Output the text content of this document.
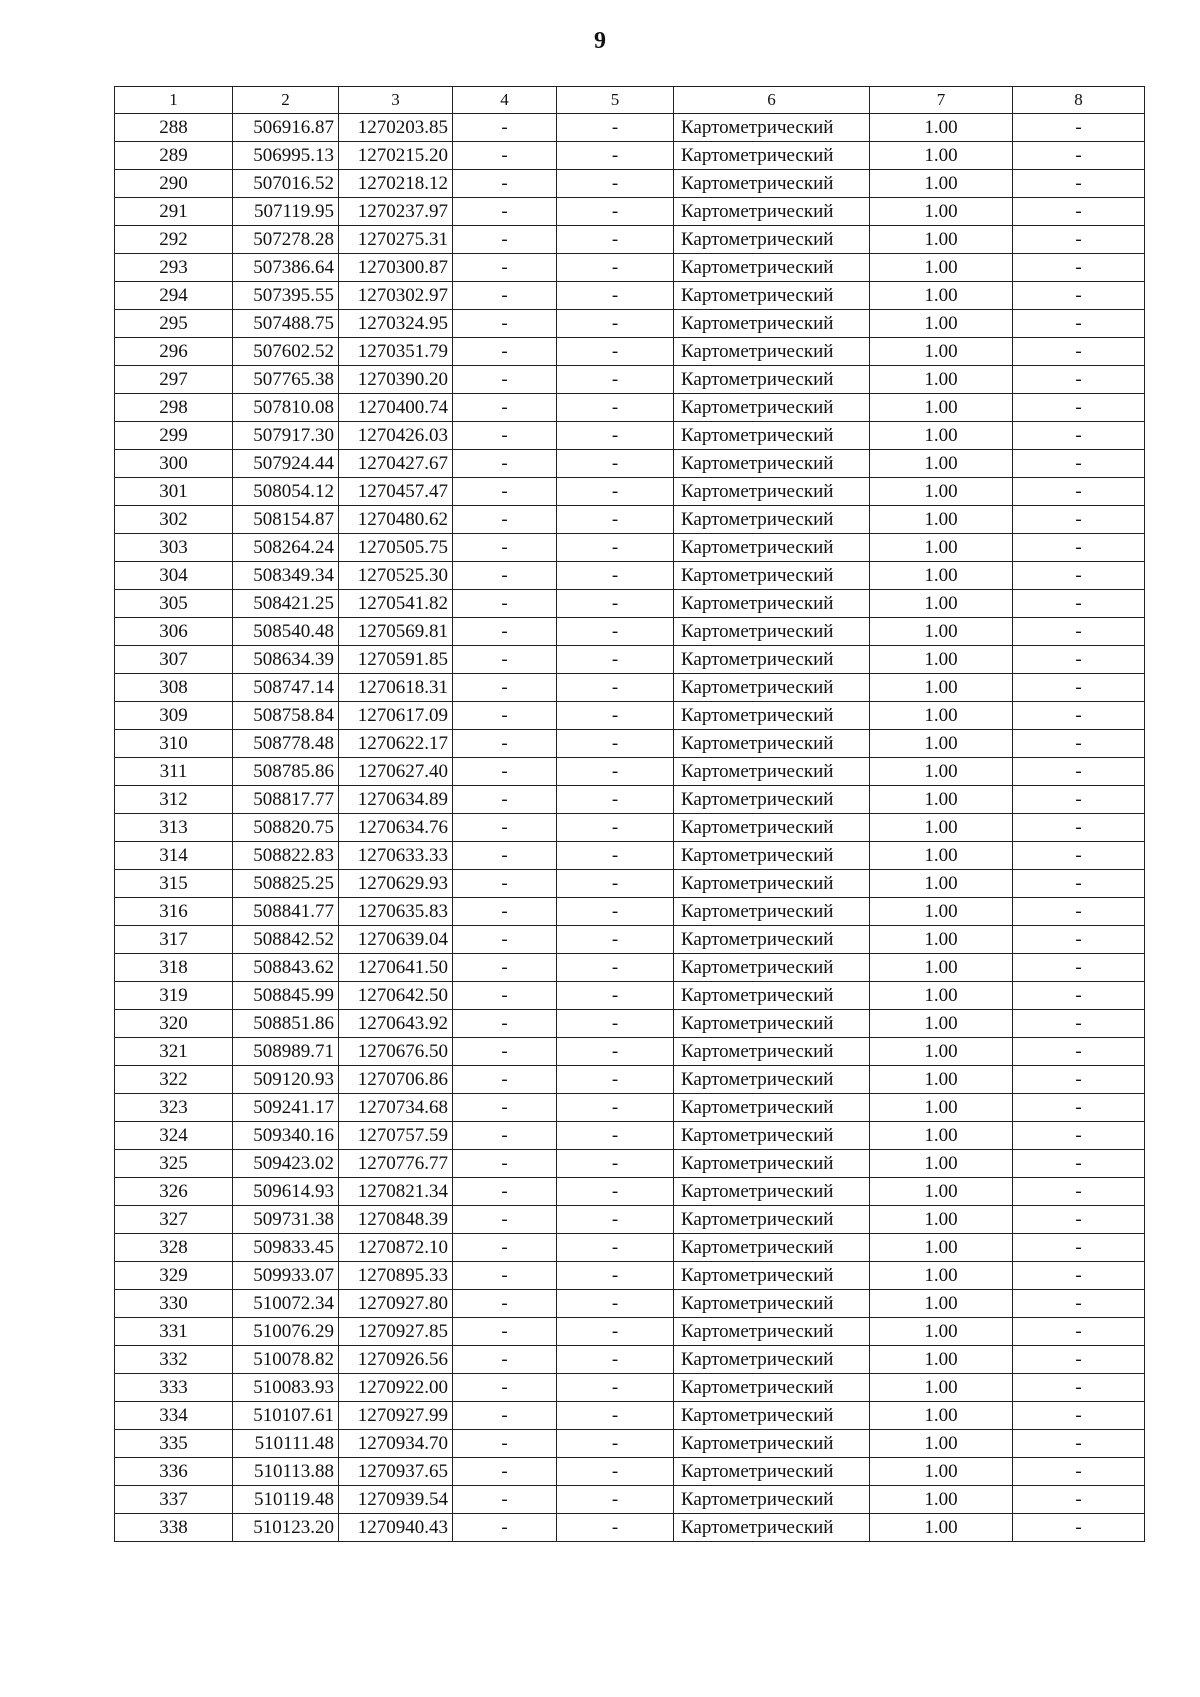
9
1	2	3	4	5	6	7	8
288	506916.87	1270203.85	-	-	Картометрический	1.00	-
289	506995.13	1270215.20	-	-	Картометрический	1.00	-
290	507016.52	1270218.12	-	-	Картометрический	1.00	-
291	507119.95	1270237.97	-	-	Картометрический	1.00	-
292	507278.28	1270275.31	-	-	Картометрический	1.00	-
293	507386.64	1270300.87	-	-	Картометрический	1.00	-
294	507395.55	1270302.97	-	-	Картометрический	1.00	-
295	507488.75	1270324.95	-	-	Картометрический	1.00	-
296	507602.52	1270351.79	-	-	Картометрический	1.00	-
297	507765.38	1270390.20	-	-	Картометрический	1.00	-
298	507810.08	1270400.74	-	-	Картометрический	1.00	-
299	507917.30	1270426.03	-	-	Картометрический	1.00	-
300	507924.44	1270427.67	-	-	Картометрический	1.00	-
301	508054.12	1270457.47	-	-	Картометрический	1.00	-
302	508154.87	1270480.62	-	-	Картометрический	1.00	-
303	508264.24	1270505.75	-	-	Картометрический	1.00	-
304	508349.34	1270525.30	-	-	Картометрический	1.00	-
305	508421.25	1270541.82	-	-	Картометрический	1.00	-
306	508540.48	1270569.81	-	-	Картометрический	1.00	-
307	508634.39	1270591.85	-	-	Картометрический	1.00	-
308	508747.14	1270618.31	-	-	Картометрический	1.00	-
309	508758.84	1270617.09	-	-	Картометрический	1.00	-
310	508778.48	1270622.17	-	-	Картометрический	1.00	-
311	508785.86	1270627.40	-	-	Картометрический	1.00	-
312	508817.77	1270634.89	-	-	Картометрический	1.00	-
313	508820.75	1270634.76	-	-	Картометрический	1.00	-
314	508822.83	1270633.33	-	-	Картометрический	1.00	-
315	508825.25	1270629.93	-	-	Картометрический	1.00	-
316	508841.77	1270635.83	-	-	Картометрический	1.00	-
317	508842.52	1270639.04	-	-	Картометрический	1.00	-
318	508843.62	1270641.50	-	-	Картометрический	1.00	-
319	508845.99	1270642.50	-	-	Картометрический	1.00	-
320	508851.86	1270643.92	-	-	Картометрический	1.00	-
321	508989.71	1270676.50	-	-	Картометрический	1.00	-
322	509120.93	1270706.86	-	-	Картометрический	1.00	-
323	509241.17	1270734.68	-	-	Картометрический	1.00	-
324	509340.16	1270757.59	-	-	Картометрический	1.00	-
325	509423.02	1270776.77	-	-	Картометрический	1.00	-
326	509614.93	1270821.34	-	-	Картометрический	1.00	-
327	509731.38	1270848.39	-	-	Картометрический	1.00	-
328	509833.45	1270872.10	-	-	Картометрический	1.00	-
329	509933.07	1270895.33	-	-	Картометрический	1.00	-
330	510072.34	1270927.80	-	-	Картометрический	1.00	-
331	510076.29	1270927.85	-	-	Картометрический	1.00	-
332	510078.82	1270926.56	-	-	Картометрический	1.00	-
333	510083.93	1270922.00	-	-	Картометрический	1.00	-
334	510107.61	1270927.99	-	-	Картометрический	1.00	-
335	510111.48	1270934.70	-	-	Картометрический	1.00	-
336	510113.88	1270937.65	-	-	Картометрический	1.00	-
337	510119.48	1270939.54	-	-	Картометрический	1.00	-
338	510123.20	1270940.43	-	-	Картометрический	1.00	-
